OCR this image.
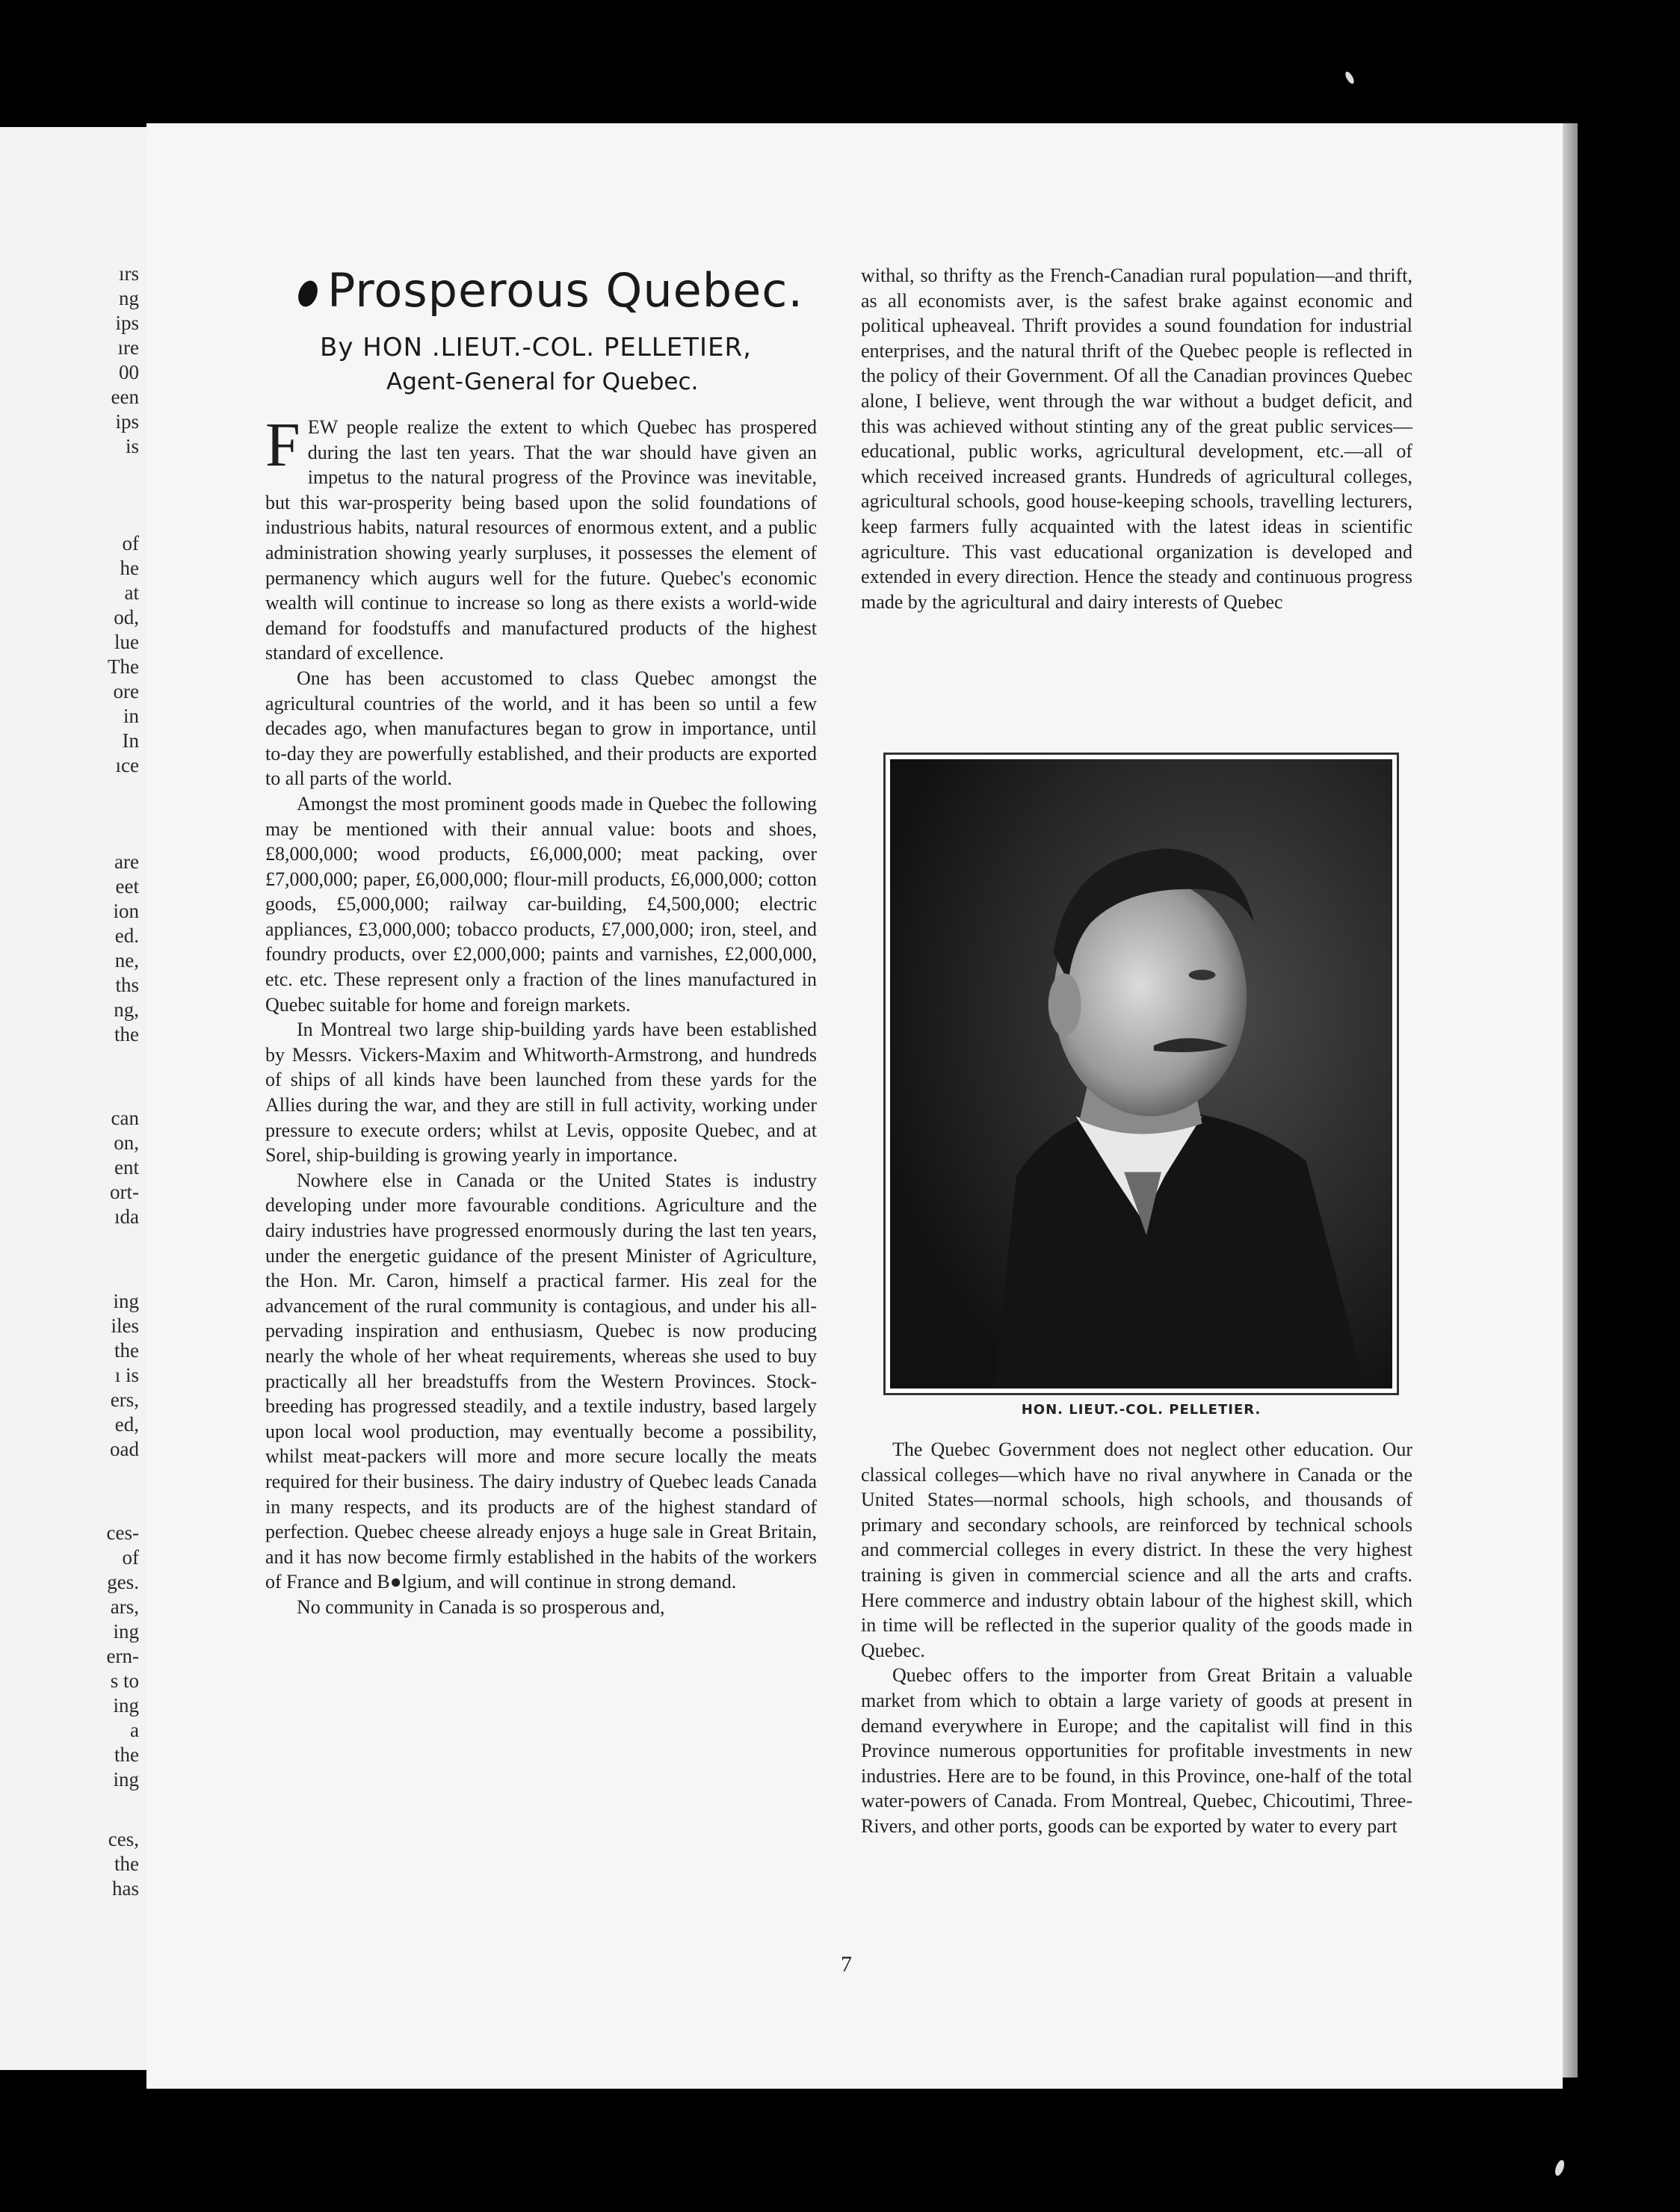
ırs
ng
ips
ıre
00
een
ips
is
of
he
at
od,
lue
The
ore
in
In
ıce
are
eet
ion
ed.
ne,
ths
ng,
the
can
on,
ent
ort-
ıda
ing
iles
the
ı is
ers,
ed,
oad
ces-
of
ges.
ars,
ing
ern-
s to
ing
a
the
ing
ces,
the
has
Prosperous Quebec.
By HON .LIEUT.-COL. PELLETIER,
Agent-General for Quebec.

FEW people realize the extent to which Quebec has prospered during the last ten years. That the war should have given an impetus to the natural progress of the Province was inevitable, but this war-prosperity being based upon the solid foundations of industrious habits, natural resources of enormous extent, and a public administration showing yearly surpluses, it possesses the element of permanency which augurs well for the future. Quebec's economic wealth will continue to increase so long as there exists a world-wide demand for foodstuffs and manufactured products of the highest standard of excellence.

One has been accustomed to class Quebec amongst the agricultural countries of the world, and it has been so until a few decades ago, when manufactures began to grow in importance, until to-day they are powerfully established, and their products are exported to all parts of the world.

Amongst the most prominent goods made in Quebec the following may be mentioned with their annual value: boots and shoes, £8,000,000; wood products, £6,000,000; meat packing, over £7,000,000; paper, £6,000,000; flour-mill products, £6,000,000; cotton goods, £5,000,000; railway car-building, £4,500,000; electric appliances, £3,000,000; tobacco products, £7,000,000; iron, steel, and foundry products, over £2,000,000; paints and varnishes, £2,000,000, etc. etc. These represent only a fraction of the lines manufactured in Quebec suitable for home and foreign markets.

In Montreal two large ship-building yards have been established by Messrs. Vickers-Maxim and Whitworth-Armstrong, and hundreds of ships of all kinds have been launched from these yards for the Allies during the war, and they are still in full activity, working under pressure to execute orders; whilst at Levis, opposite Quebec, and at Sorel, ship-building is growing yearly in importance.

Nowhere else in Canada or the United States is industry developing under more favourable conditions. Agriculture and the dairy industries have progressed enormously during the last ten years, under the energetic guidance of the present Minister of Agriculture, the Hon. Mr. Caron, himself a practical farmer. His zeal for the advancement of the rural community is contagious, and under his all-pervading inspiration and enthusiasm, Quebec is now producing nearly the whole of her wheat requirements, whereas she used to buy practically all her breadstuffs from the Western Provinces. Stock-breeding has progressed steadily, and a textile industry, based largely upon local wool production, may eventually become a possibility, whilst meat-packers will more and more secure locally the meats required for their business. The dairy industry of Quebec leads Canada in many respects, and its products are of the highest standard of perfection. Quebec cheese already enjoys a huge sale in Great Britain, and it has now become firmly established in the habits of the workers of France and B●lgium, and will continue in strong demand.

No community in Canada is so prosperous and,

withal, so thrifty as the French-Canadian rural population—and thrift, as all economists aver, is the safest brake against economic and political upheaveal. Thrift provides a sound foundation for industrial enterprises, and the natural thrift of the Quebec people is reflected in the policy of their Government. Of all the Canadian provinces Quebec alone, I believe, went through the war without a budget deficit, and this was achieved without stinting any of the great public services—educational, public works, agricultural development, etc.—all of which received increased grants. Hundreds of agricultural colleges, agricultural schools, good house-keeping schools, travelling lecturers, keep farmers fully acquainted with the latest ideas in scientific agriculture. This vast educational organization is developed and extended in every direction. Hence the steady and continuous progress made by the agricultural and dairy interests of Quebec

HON. LIEUT.-COL. PELLETIER.

The Quebec Government does not neglect other education. Our classical colleges—which have no rival anywhere in Canada or the United States—normal schools, high schools, and thousands of primary and secondary schools, are reinforced by technical schools and commercial colleges in every district. In these the very highest training is given in commercial science and all the arts and crafts. Here commerce and industry obtain labour of the highest skill, which in time will be reflected in the superior quality of the goods made in Quebec.

Quebec offers to the importer from Great Britain a valuable market from which to obtain a large variety of goods at present in demand everywhere in Europe; and the capitalist will find in this Province numerous opportunities for profitable investments in new industries. Here are to be found, in this Province, one-half of the total water-powers of Canada. From Montreal, Quebec, Chicoutimi, Three-Rivers, and other ports, goods can be exported by water to every part

7
